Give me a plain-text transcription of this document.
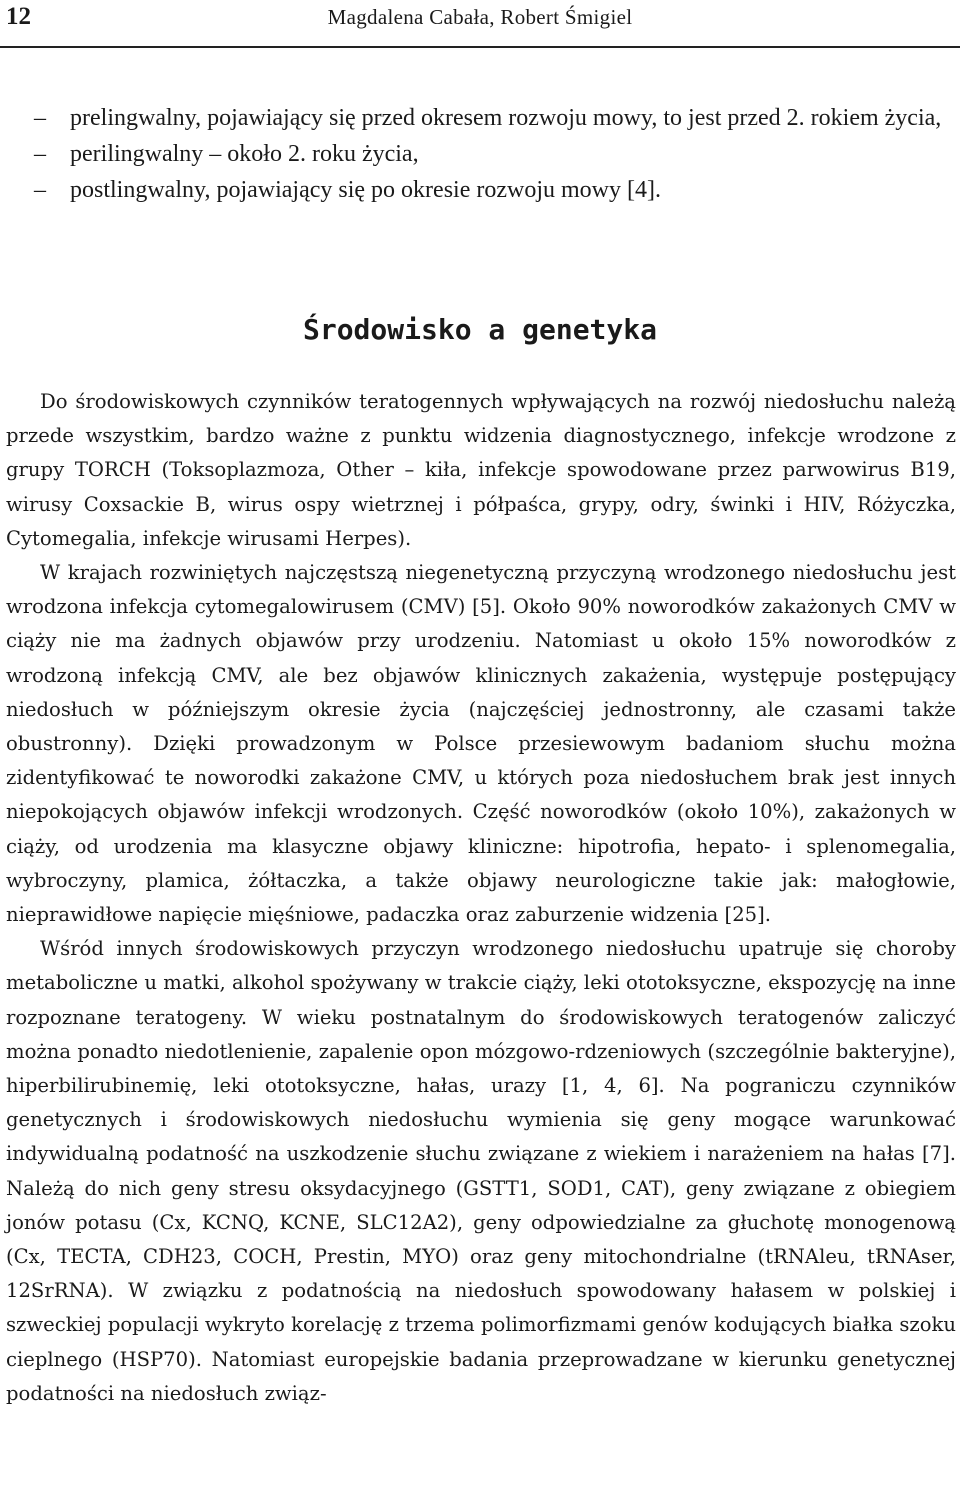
12	Magdalena Cabała, Robert Śmigiel
– prelingwalny, pojawiający się przed okresem rozwoju mowy, to jest przed 2. rokiem życia,
– perilingwalny – około 2. roku życia,
– postlingwalny, pojawiający się po okresie rozwoju mowy [4].
Środowisko a genetyka

Do środowiskowych czynników teratogennych wpływających na rozwój niedosłuchu należą przede wszystkim, bardzo ważne z punktu widzenia diagnostycznego, infekcje wrodzone z grupy TORCH (Toksoplazmoza, Other – kiła, infekcje spowodowane przez parwowirus B19, wirusy Coxsackie B, wirus ospy wietrznej i półpaśca, grypy, odry, świnki i HIV, Różyczka, Cytomegalia, infekcje wirusami Herpes).

W krajach rozwiniętych najczęstszą niegenetyczną przyczyną wrodzonego niedosłuchu jest wrodzona infekcja cytomegalowirusem (CMV) [5]. Około 90% noworodków zakażonych CMV w ciąży nie ma żadnych objawów przy urodzeniu. Natomiast u około 15% noworodków z wrodzoną infekcją CMV, ale bez objawów klinicznych zakażenia, występuje postępujący niedosłuch w późniejszym okresie życia (najczęściej jednostronny, ale czasami także obustronny). Dzięki prowadzonym w Polsce przesiewowym badaniom słuchu można zidentyfikować te noworodki zakażone CMV, u których poza niedosłuchem brak jest innych niepokojących objawów infekcji wrodzonych. Część noworodków (około 10%), zakażonych w ciąży, od urodzenia ma klasyczne objawy kliniczne: hipotrofia, hepato- i splenomegalia, wybroczyny, plamica, żółtaczka, a także objawy neurologiczne takie jak: małogłowie, nieprawidłowe napięcie mięśniowe, padaczka oraz zaburzenie widzenia [25].

Wśród innych środowiskowych przyczyn wrodzonego niedosłuchu upatruje się choroby metaboliczne u matki, alkohol spożywany w trakcie ciąży, leki ototoksyczne, ekspozycję na inne rozpoznane teratogeny. W wieku postnatalnym do środowiskowych teratogenów zaliczyć można ponadto niedotlenienie, zapalenie opon mózgowo-rdzeniowych (szczególnie bakteryjne), hiperbilirubinemię, leki ototoksyczne, hałas, urazy [1, 4, 6]. Na pograniczu czynników genetycznych i środowiskowych niedosłuchu wymienia się geny mogące warunkować indywidualną podatność na uszkodzenie słuchu związane z wiekiem i narażeniem na hałas [7]. Należą do nich geny stresu oksydacyjnego (GSTT1, SOD1, CAT), geny związane z obiegiem jonów potasu (Cx, KCNQ, KCNE, SLC12A2), geny odpowiedzialne za głuchotę monogenową (Cx, TECTA, CDH23, COCH, Prestin, MYO) oraz geny mitochondrialne (tRNAleu, tRNAser, 12SrRNA). W związku z podatnością na niedosłuch spowodowany hałasem w polskiej i szweckiej populacji wykryto korelację z trzema polimorfizmami genów kodujących białka szoku cieplnego (HSP70). Natomiast europejskie badania przeprowadzane w kierunku genetycznej podatności na niedosłuch związ-
